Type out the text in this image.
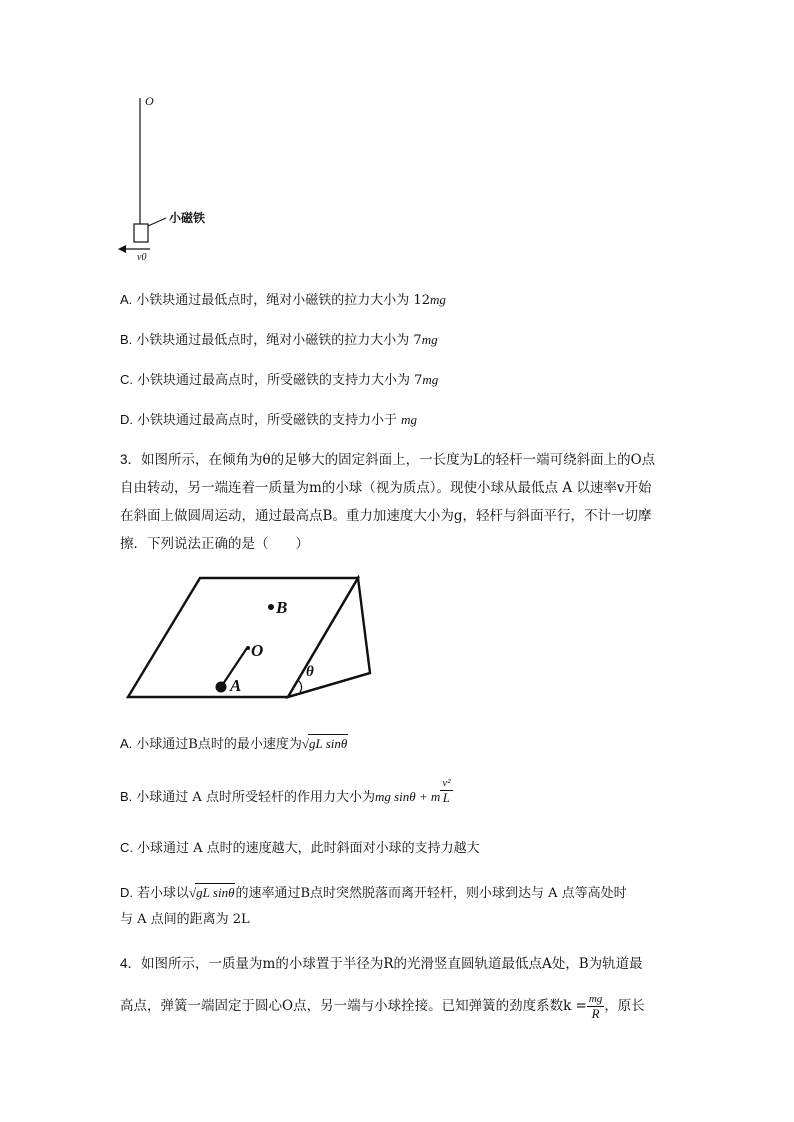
O
小磁铁
v0
A. 小铁块通过最低点时，绳对小磁铁的拉力大小为 12mg
B. 小铁块通过最低点时，绳对小磁铁的拉力大小为 7mg
C. 小铁块通过最高点时，所受磁铁的支持力大小为 7mg
D. 小铁块通过最高点时，所受磁铁的支持力小于 mg
3．如图所示，在倾角为θ的足够大的固定斜面上，一长度为L的轻杆一端可绕斜面上的O点
自由转动，另一端连着一质量为m的小球（视为质点）。现使小球从最低点 A 以速率v开始
在斜面上做圆周运动，通过最高点B。重力加速度大小为g，轻杆与斜面平行，不计一切摩
擦．下列说法正确的是（　　）
B
O
A
θ
A. 小球通过B点时的最小速度为√gL sinθ
B. 小球通过 A 点时所受轻杆的作用力大小为mg sinθ + m $\frac{\text{v²}}{L}$
C. 小球通过 A 点时的速度越大，此时斜面对小球的支持力越大
D. 若小球以√gL sinθ的速率通过B点时突然脱落而离开轻杆，则小球到达与 A 点等高处时
与 A 点间的距离为 2L
4．如图所示，一质量为m的小球置于半径为R的光滑竖直圆轨道最低点A处，B为轨道最
高点，弹簧一端固定于圆心O点，另一端与小球拴接。已知弹簧的劲度系数$k = \frac{mg}{R}$ ，原长
